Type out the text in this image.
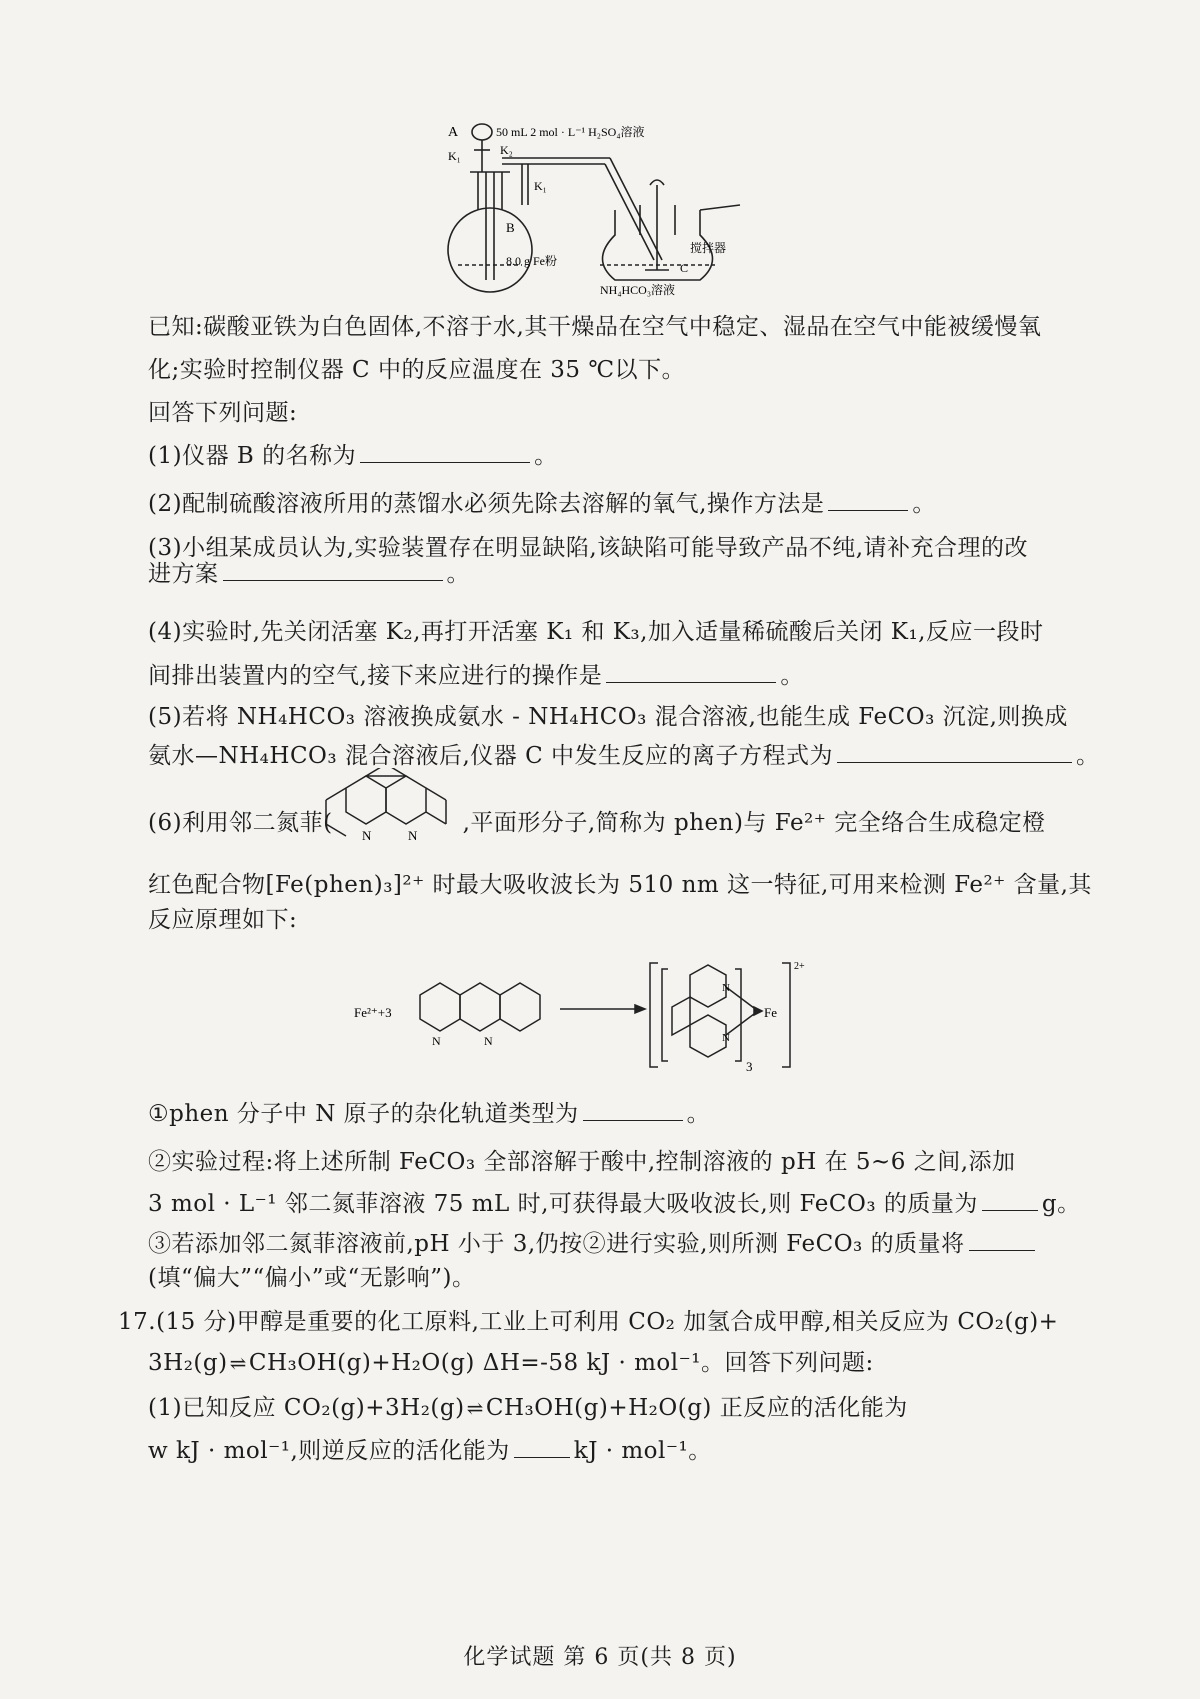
A	50 mL 2 mol · L⁻¹ H₂SO₄溶液
K₁	K₂
K₁
B
8.0 g Fe粉
搅拌器
C
NH₄HCO₃溶液
已知:碳酸亚铁为白色固体,不溶于水,其干燥品在空气中稳定、湿品在空气中能被缓慢氧
化;实验时控制仪器 C 中的反应温度在 35 ℃以下。
回答下列问题:
(1)仪器 B 的名称为	。
(2)配制硫酸溶液所用的蒸馏水必须先除去溶解的氧气,操作方法是	。
(3)小组某成员认为,实验装置存在明显缺陷,该缺陷可能导致产品不纯,请补充合理的改
进方案	。
(4)实验时,先关闭活塞 K₂,再打开活塞 K₁ 和 K₃,加入适量稀硫酸后关闭 K₁,反应一段时
间排出装置内的空气,接下来应进行的操作是	。
(5)若将 NH₄HCO₃ 溶液换成氨水 - NH₄HCO₃ 混合溶液,也能生成 FeCO₃ 沉淀,则换成
氨水—NH₄HCO₃ 混合溶液后,仪器 C 中发生反应的离子方程式为	。
(6)利用邻二氮菲(	,平面形分子,简称为 phen)与 Fe²⁺ 完全络合生成稳定橙
N	N
红色配合物[Fe(phen)₃]²⁺ 时最大吸收波长为 510 nm 这一特征,可用来检测 Fe²⁺ 含量,其
反应原理如下:
Fe²⁺+3	Fe
3
2+
N	N
N
N
①phen 分子中 N 原子的杂化轨道类型为	。
②实验过程:将上述所制 FeCO₃ 全部溶解于酸中,控制溶液的 pH 在 5~6 之间,添加
3 mol · L⁻¹ 邻二氮菲溶液 75 mL 时,可获得最大吸收波长,则 FeCO₃ 的质量为	g。
③若添加邻二氮菲溶液前,pH 小于 3,仍按②进行实验,则所测 FeCO₃ 的质量将
(填“偏大”“偏小”或“无影响”)。
17.(15 分)甲醇是重要的化工原料,工业上可利用 CO₂ 加氢合成甲醇,相关反应为 CO₂(g)+
3H₂(g) ⇌CH₃OH(g)+H₂O(g) ΔH=-58 kJ · mol⁻¹。回答下列问题:
(1)已知反应 CO₂(g)+3H₂(g) ⇌CH₃OH(g)+H₂O(g) 正反应的活化能为
w kJ · mol⁻¹,则逆反应的活化能为	kJ · mol⁻¹。
化学试题 第 6 页(共 8 页)
